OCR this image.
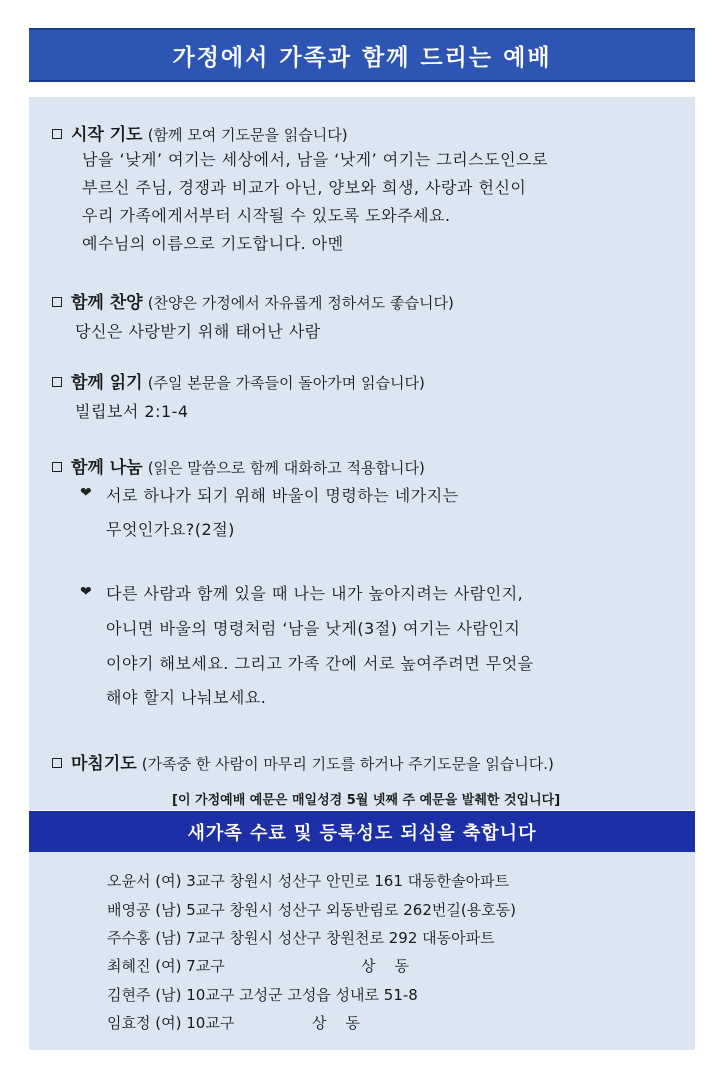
가정에서 가족과 함께 드리는 예배
시작 기도 (함께 모여 기도문을 읽습니다)
남을 ‘낮게’ 여기는 세상에서, 남을 ‘낫게’ 여기는 그리스도인으로
부르신 주님, 경쟁과 비교가 아닌, 양보와 희생, 사랑과 헌신이
우리 가족에게서부터 시작될 수 있도록 도와주세요.
예수님의 이름으로 기도합니다. 아멘
함께 찬양 (찬양은 가정에서 자유롭게 정하셔도 좋습니다)
당신은 사랑받기 위해 태어난 사람
함께 읽기 (주일 본문을 가족들이 돌아가며 읽습니다)
빌립보서 2:1-4
함께 나눔 (읽은 말씀으로 함께 대화하고 적용합니다)
❤ 서로 하나가 되기 위해 바울이 명령하는 네가지는
무엇인가요?(2절)
❤ 다른 사람과 함께 있을 때 나는 내가 높아지려는 사람인지,
아니면 바울의 명령처럼 ‘남을 낫게(3절) 여기는 사람인지
이야기 해보세요. 그리고 가족 간에 서로 높여주려면 무엇을
해야 할지 나눠보세요.
마침기도 (가족중 한 사람이 마무리 기도를 하거나 주기도문을 읽습니다.)
[이 가정예배 예문은 매일성경 5월 넷째 주 예문을 발췌한 것입니다]
새가족 수료 및 등록성도 되심을 축합니다
오윤서 (여) 3교구 창원시 성산구 안민로 161 대동한솔아파트
배영공 (남) 5교구 창원시 성산구 외동반림로 262번길(용호동)
주수홍 (남) 7교구 창원시 성산구 창원천로 292 대동아파트
최혜진 (여) 7교구	상    동
김현주 (남) 10교구 고성군 고성읍 성내로 51-8
임효정 (여) 10교구	상    동
